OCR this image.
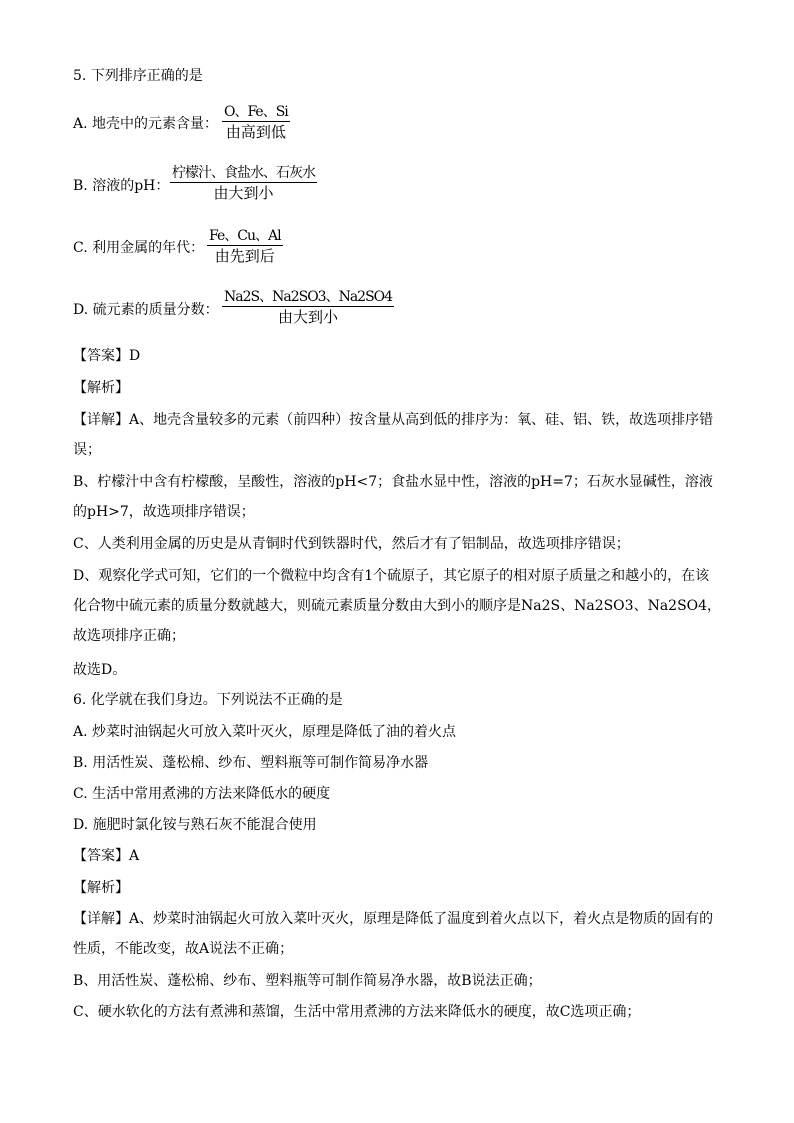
5. 下列排序正确的是
A. 地壳中的元素含量：
O、Fe、Si
由高到低
B. 溶液的pH：
柠檬汁、食盐水、石灰水
由大到小
C. 利用金属的年代：
Fe、Cu、Al
由先到后
D. 硫元素的质量分数：
Na2S、Na2SO3、Na2SO4
由大到小
【答案】D
【解析】
【详解】A、地壳含量较多的元素（前四种）按含量从高到低的排序为：氧、硅、铝、铁，故选项排序错误；
B、柠檬汁中含有柠檬酸，呈酸性，溶液的pH<7；食盐水显中性，溶液的pH=7；石灰水显碱性，溶液的pH>7，故选项排序错误；
C、人类利用金属的历史是从青铜时代到铁器时代，然后才有了铝制品，故选项排序错误；
D、观察化学式可知，它们的一个微粒中均含有1个硫原子，其它原子的相对原子质量之和越小的，在该化合物中硫元素的质量分数就越大，则硫元素质量分数由大到小的顺序是Na2S、Na2SO3、Na2SO4，故选项排序正确；
故选D。
6. 化学就在我们身边。下列说法不正确的是
A. 炒菜时油锅起火可放入菜叶灭火，原理是降低了油的着火点
B. 用活性炭、蓬松棉、纱布、塑料瓶等可制作简易净水器
C. 生活中常用煮沸的方法来降低水的硬度
D. 施肥时氯化铵与熟石灰不能混合使用
【答案】A
【解析】
【详解】A、炒菜时油锅起火可放入菜叶灭火，原理是降低了温度到着火点以下，着火点是物质的固有的性质，不能改变，故A说法不正确；
B、用活性炭、蓬松棉、纱布、塑料瓶等可制作简易净水器，故B说法正确；
C、硬水软化的方法有煮沸和蒸馏，生活中常用煮沸的方法来降低水的硬度，故C选项正确；
